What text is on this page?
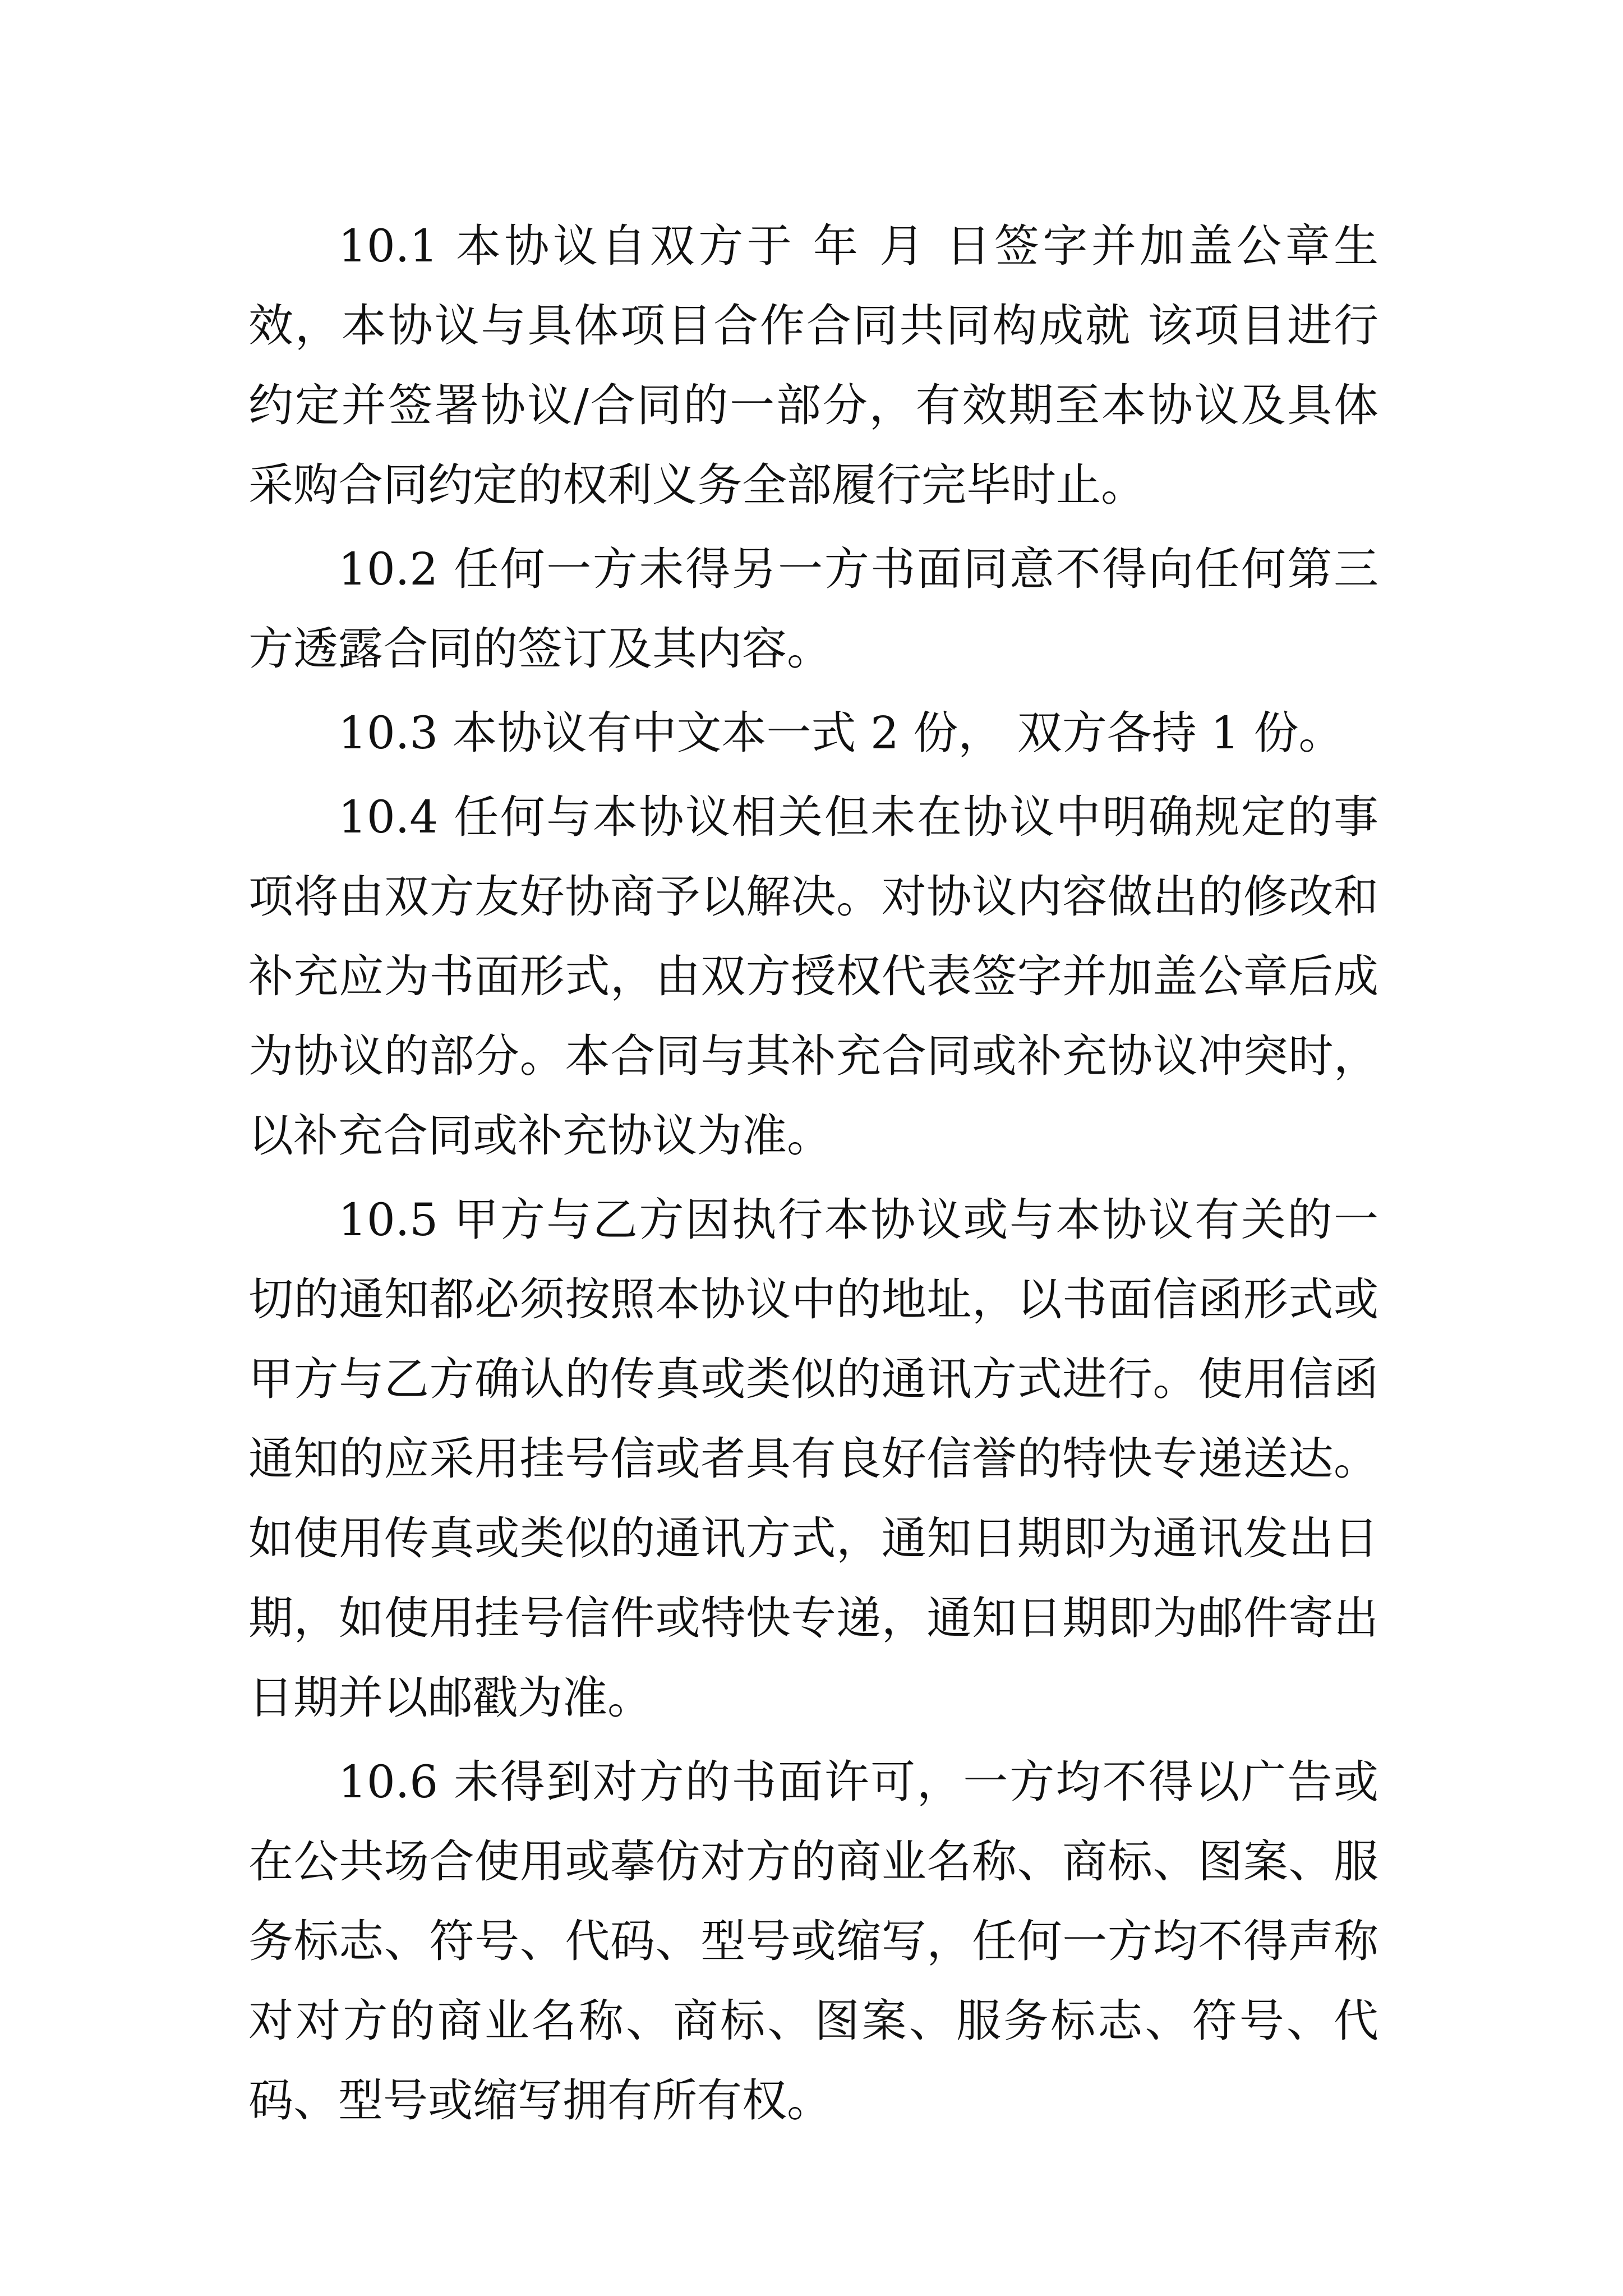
10.1 本协议自双方于 年 月 日签字并加盖公章生效，本协议与具体项目合作合同共同构成就 该项目进行约定并签署协议/合同的一部分，有效期至本协议及具体采购合同约定的权利义务全部履行完毕时止。

10.2 任何一方未得另一方书面同意不得向任何第三方透露合同的签订及其内容。

10.3 本协议有中文本一式 2 份， 双方各持 1 份。

10.4 任何与本协议相关但未在协议中明确规定的事项将由双方友好协商予以解决。对协议内容做出的修改和补充应为书面形式，由双方授权代表签字并加盖公章后成为协议的部分。本合同与其补充合同或补充协议冲突时，以补充合同或补充协议为准。

10.5 甲方与乙方因执行本协议或与本协议有关的一切的通知都必须按照本协议中的地址，以书面信函形式或甲方与乙方确认的传真或类似的通讯方式进行。使用信函通知的应采用挂号信或者具有良好信誉的特快专递送达。如使用传真或类似的通讯方式，通知日期即为通讯发出日期，如使用挂号信件或特快专递，通知日期即为邮件寄出日期并以邮戳为准。

10.6 未得到对方的书面许可，一方均不得以广告或在公共场合使用或摹仿对方的商业名称、商标、图案、服务标志、符号、代码、型号或缩写，任何一方均不得声称对对方的商业名称、商标、图案、服务标志、符号、代码、型号或缩写拥有所有权。
